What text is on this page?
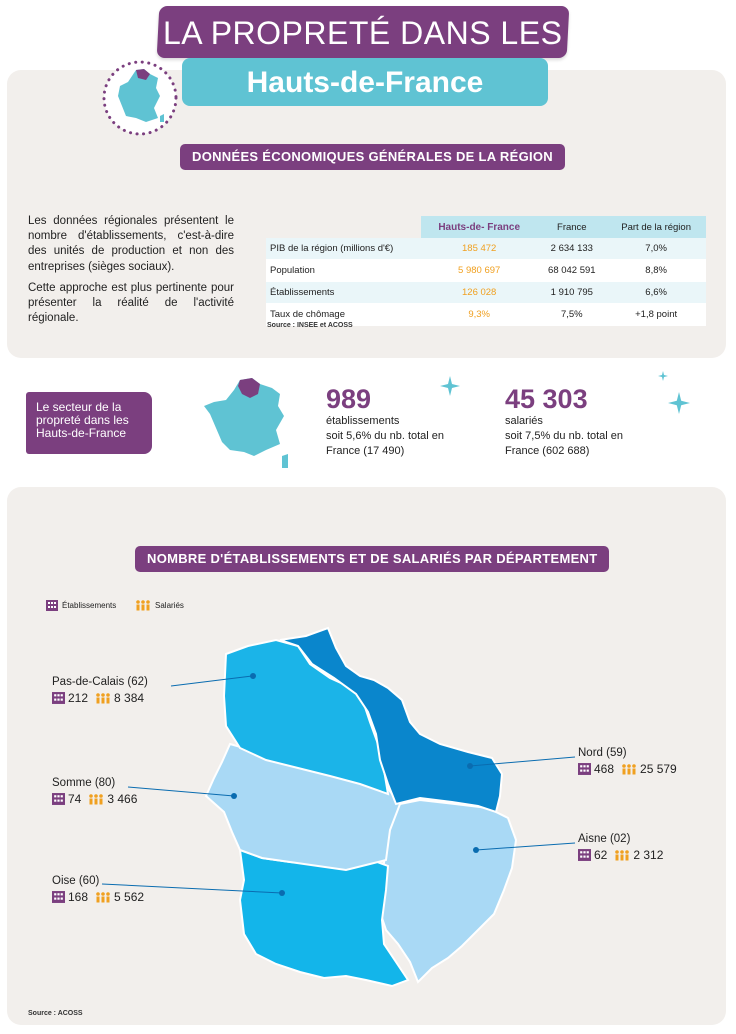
LA PROPRETÉ DANS LES
Hauts-de-France
DONNÉES ÉCONOMIQUES GÉNÉRALES DE LA RÉGION

Les données régionales présentent le nombre d'établissements, c'est-à-dire des unités de production et non des entreprises (sièges sociaux).

Cette approche est plus pertinente pour présenter la réalité de l'activité régionale.

	Hauts-de- France	France	Part de la région
PIB de la région (millions d'€)	185 472	2 634 133	7,0%
Population	5 980 697	68 042 591	8,8%
Établissements	126 028	1 910 795	6,6%
Taux de chômage	9,3%	7,5%	+1,8 point
Source : INSEE et ACOSS
Le secteur de la propreté dans les Hauts-de-France
989
établissements
soit 5,6% du nb. total en
France (17 490)
45 303
salariés
soit 7,5% du nb. total en
France (602 688)
NOMBRE D'ÉTABLISSEMENTS ET DE SALARIÉS PAR DÉPARTEMENT
Établissements	Salariés
Pas-de-Calais (62)
212 8 384
Nord (59)
468 25 579
Somme (80)
74 3 466
Aisne (02)
62 2 312
Oise (60)
168 5 562
Source : ACOSS
